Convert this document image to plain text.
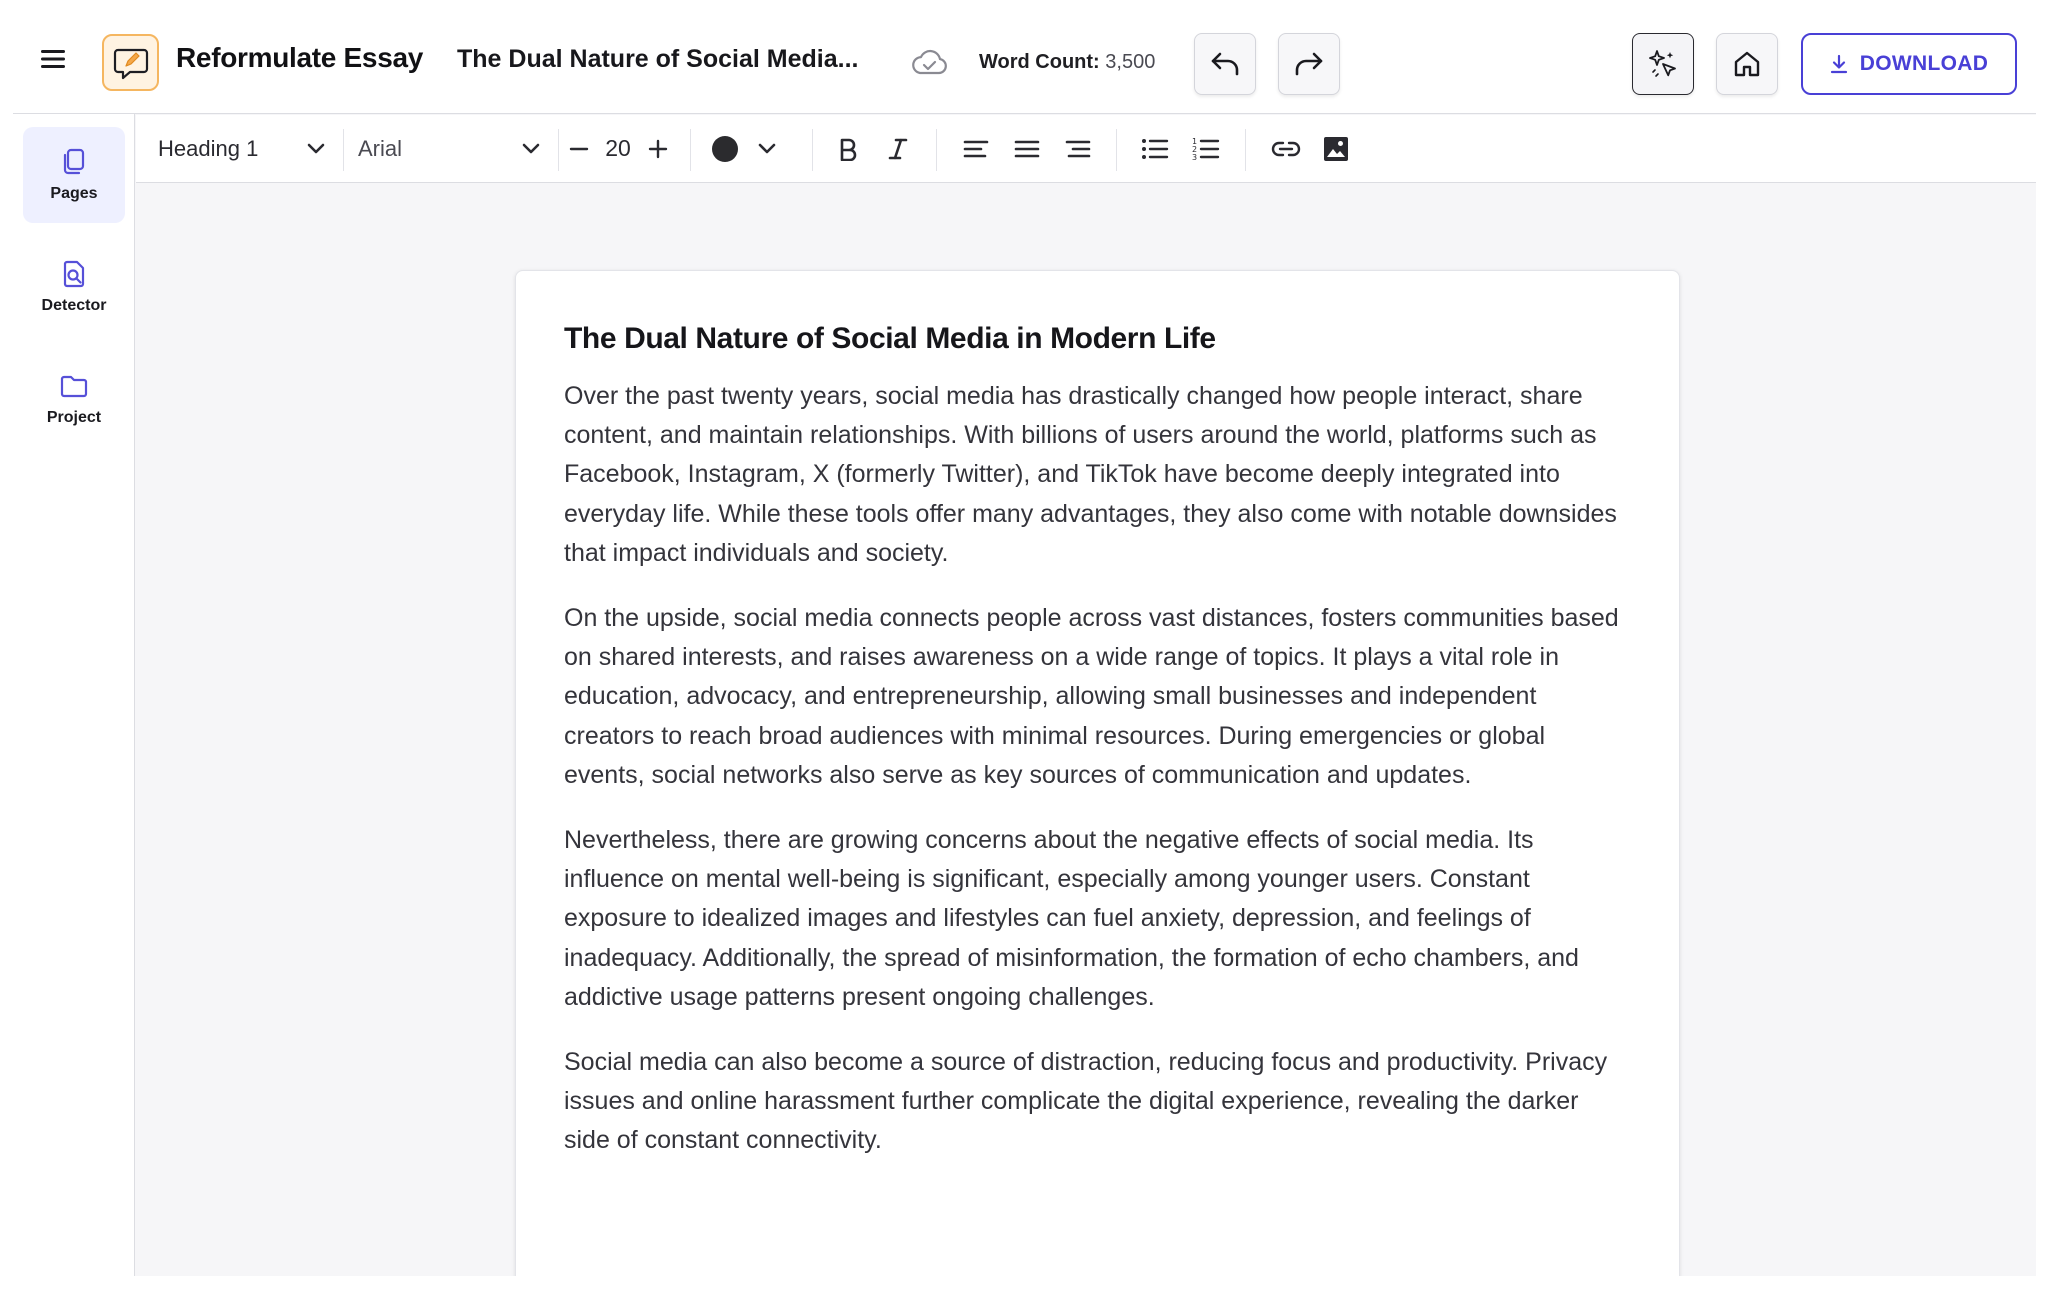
Reformulate Essay The Dual Nature of Social Media...	Word Count: 3,500	DOWNLOAD
Pages
Detector
Project
Heading 1	Arial	20	1
2
3
The Dual Nature of Social Media in Modern Life

Over the past twenty years, social media has drastically changed how people interact, share content, and maintain relationships. With billions of users around the world, platforms such as Facebook, Instagram, X (formerly Twitter), and TikTok have become deeply integrated into everyday life. While these tools offer many advantages, they also come with notable downsides that impact individuals and society.

On the upside, social media connects people across vast distances, fosters communities based on shared interests, and raises awareness on a wide range of topics. It plays a vital role in education, advocacy, and entrepreneurship, allowing small businesses and independent creators to reach broad audiences with minimal resources. During emergencies or global events, social networks also serve as key sources of communication and updates.

Nevertheless, there are growing concerns about the negative effects of social media. Its influence on mental well-being is significant, especially among younger users. Constant exposure to idealized images and lifestyles can fuel anxiety, depression, and feelings of inadequacy. Additionally, the spread of misinformation, the formation of echo chambers, and addictive usage patterns present ongoing challenges.

Social media can also become a source of distraction, reducing focus and productivity. Privacy issues and online harassment further complicate the digital experience, revealing the darker side of constant connectivity.
